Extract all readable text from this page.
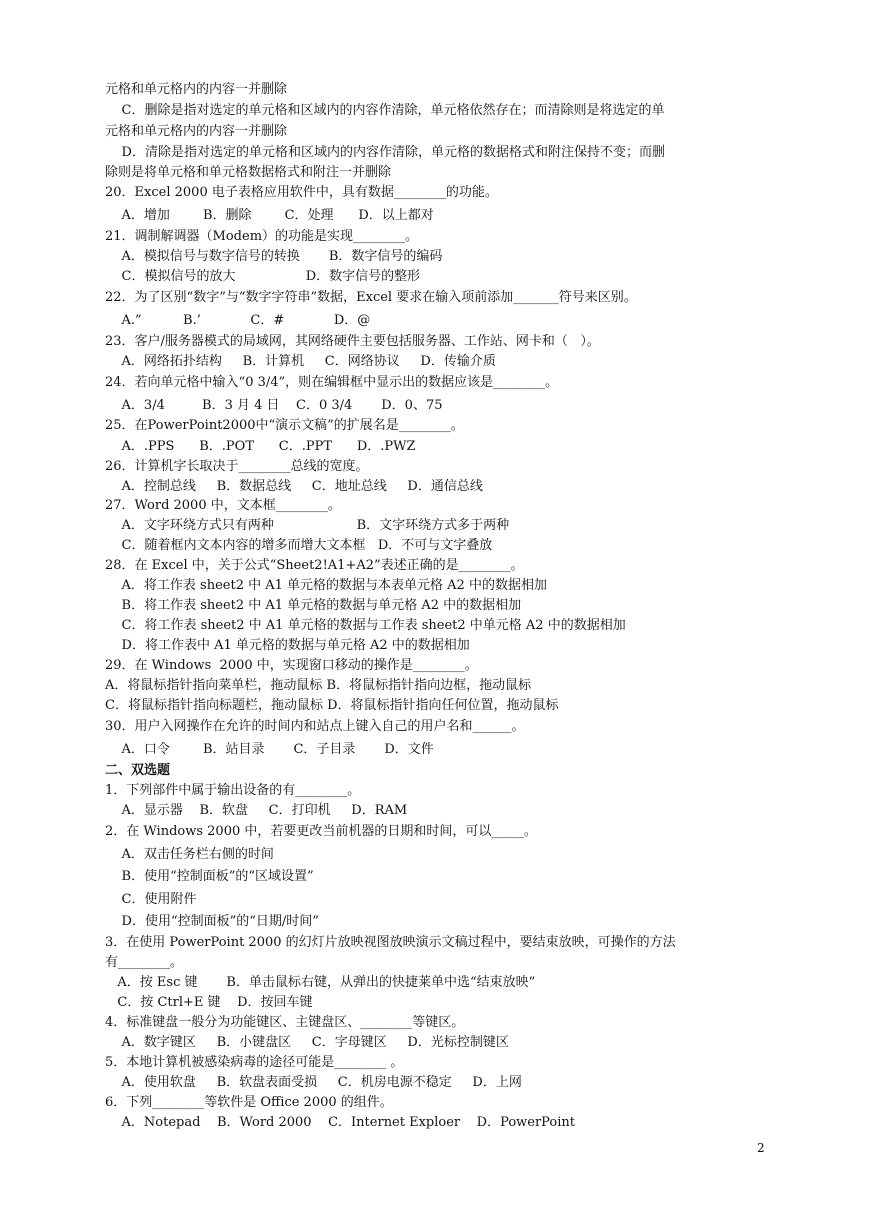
元格和单元格内的内容一并删除
C．删除是指对选定的单元格和区域内的内容作清除，单元格依然存在；而清除则是将选定的单
元格和单元格内的内容一并删除
D．清除是指对选定的单元格和区域内的内容作清除，单元格的数据格式和附注保持不变；而删
除则是将单元格和单元格数据格式和附注一并删除
20．Excel 2000 电子表格应用软件中，具有数据________的功能。
A．增加        B．删除        C．处理      D．以上都对
21．调制解调器（Modem）的功能是实现________。
A．模拟信号与数字信号的转换       B．数字信号的编码
C．模拟信号的放大                 D．数字信号的整形
22．为了区别“数字”与“数字字符串”数据，Excel 要求在输入项前添加_______符号来区别。
A.”          B.’            C．#            D．@
23．客户/服务器模式的局域网，其网络硬件主要包括服务器、工作站、网卡和（   ）。
A．网络拓扑结构     B．计算机     C．网络协议     D．传输介质
24．若向单元格中输入“0 3/4”，则在编辑框中显示出的数据应该是________。
A．3/4         B．3 月 4 日    C．0 3/4       D．0、75
25．在PowerPoint2000中“演示文稿”的扩展名是________。
A．.PPS      B．.POT      C．.PPT      D．.PWZ
26．计算机字长取决于________总线的宽度。
A．控制总线     B．数据总线     C．地址总线     D．通信总线
27．Word 2000 中，文本框________。
A．文字环绕方式只有两种                    B．文字环绕方式多于两种
C．随着框内文本内容的增多而增大文本框   D．不可与文字叠放
28．在 Excel 中，关于公式“Sheet2!A1+A2”表述正确的是________。
A．将工作表 sheet2 中 A1 单元格的数据与本表单元格 A2 中的数据相加
B．将工作表 sheet2 中 A1 单元格的数据与单元格 A2 中的数据相加
C．将工作表 sheet2 中 A1 单元格的数据与工作表 sheet2 中单元格 A2 中的数据相加
D．将工作表中 A1 单元格的数据与单元格 A2 中的数据相加
29．在 Windows  2000 中，实现窗口移动的操作是________。
A．将鼠标指针指向菜单栏，拖动鼠标 B．将鼠标指针指向边框，拖动鼠标
C．将鼠标指针指向标题栏，拖动鼠标 D．将鼠标指针指向任何位置，拖动鼠标
30．用户入网操作在允许的时间内和站点上键入自己的用户名和______。
A．口令        B．站目录       C．子目录       D．文件
二、双选题
1．下列部件中属于输出设备的有________。
A．显示器    B．软盘     C．打印机     D．RAM
2．在 Windows 2000 中，若要更改当前机器的日期和时间，可以_____。
A．双击任务栏右侧的时间
B．使用“控制面板”的“区域设置”
C．使用附件
D．使用“控制面板”的“日期/时间”
3．在使用 PowerPoint 2000 的幻灯片放映视图放映演示文稿过程中，要结束放映，可操作的方法
有________。
A．按 Esc 键       B．单击鼠标右键，从弹出的快捷莱单中选“结束放映”
C．按 Ctrl+E 键    D．按回车键
4．标准键盘一般分为功能键区、主键盘区、________等键区。
A．数字键区     B．小键盘区     C．字母键区     D．光标控制键区
5．本地计算机被感染病毒的途径可能是________ 。
A．使用软盘     B．软盘表面受损     C．机房电源不稳定     D．上网
6．下列________等软件是 Office 2000 的组件。
A．Notepad    B．Word 2000    C．Internet Exploer    D．PowerPoint
2
